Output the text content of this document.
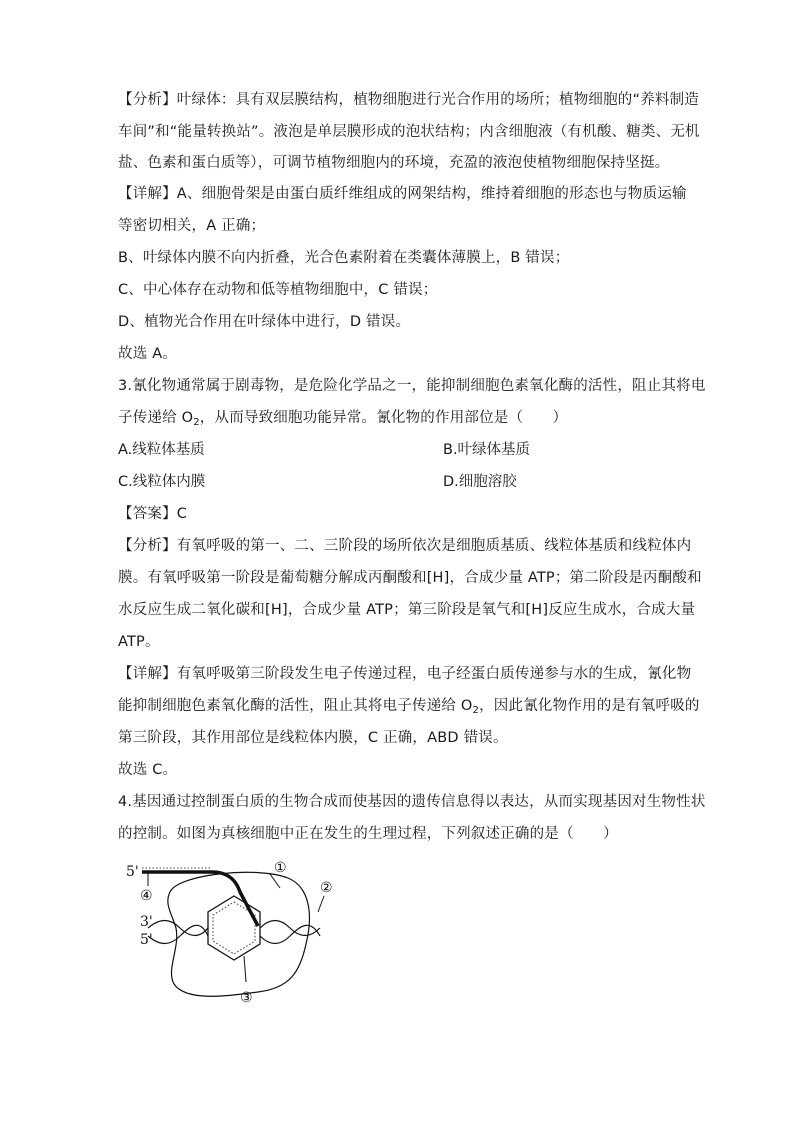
【分析】叶绿体：具有双层膜结构，植物细胞进行光合作用的场所；植物细胞的“养料制造
车间”和“能量转换站”。液泡是单层膜形成的泡状结构；内含细胞液（有机酸、糖类、无机
盐、色素和蛋白质等），可调节植物细胞内的环境，充盈的液泡使植物细胞保持坚挺。
【详解】A、细胞骨架是由蛋白质纤维组成的网架结构，维持着细胞的形态也与物质运输
等密切相关，A 正确；
B、叶绿体内膜不向内折叠，光合色素附着在类囊体薄膜上，B 错误；
C、中心体存在动物和低等植物细胞中，C 错误；
D、植物光合作用在叶绿体中进行，D 错误。
故选 A。
3.氰化物通常属于剧毒物，是危险化学品之一，能抑制细胞色素氧化酶的活性，阻止其将电
子传递给 $O_2$，从而导致细胞功能异常。氰化物的作用部位是（　　）
A.线粒体基质	B.叶绿体基质
C.线粒体内膜	D.细胞溶胶
【答案】C
【分析】有氧呼吸的第一、二、三阶段的场所依次是细胞质基质、线粒体基质和线粒体内
膜。有氧呼吸第一阶段是葡萄糖分解成丙酮酸和[H]，合成少量 ATP；第二阶段是丙酮酸和
水反应生成二氧化碳和[H]，合成少量 ATP；第三阶段是氧气和[H]反应生成水，合成大量
ATP。
【详解】有氧呼吸第三阶段发生电子传递过程，电子经蛋白质传递参与水的生成，氰化物
能抑制细胞色素氧化酶的活性，阻止其将电子传递给 $O_2$，因此氰化物作用的是有氧呼吸的
第三阶段，其作用部位是线粒体内膜，C 正确，ABD 错误。
故选 C。
4.基因通过控制蛋白质的生物合成而使基因的遗传信息得以表达，从而实现基因对生物性状
的控制。如图为真核细胞中正在发生的生理过程，下列叙述正确的是（　　）
5'
④
3'
5'
①
②
③
